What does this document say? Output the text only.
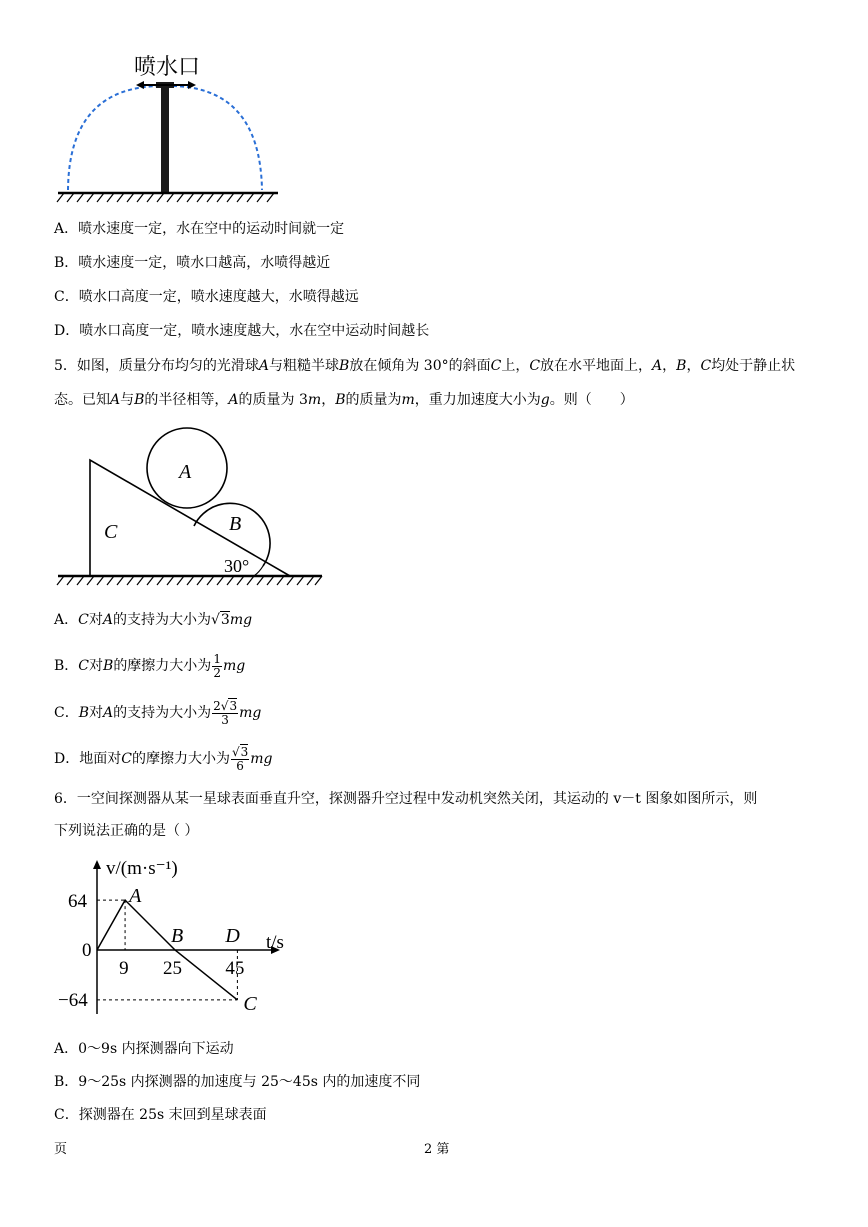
喷水口
A．喷水速度一定，水在空中的运动时间就一定
B．喷水速度一定，喷水口越高，水喷得越近
C．喷水口高度一定，喷水速度越大，水喷得越远
D．喷水口高度一定，喷水速度越大，水在空中运动时间越长
5．如图，质量分布均匀的光滑球A与粗糙半球B放在倾角为 30°的斜面C上，C放在水平地面上，A，B，C均处于静止状态。已知A与B的半径相等，A的质量为 3m，B的质量为m，重力加速度大小为g。则（　　）
A
B
C
30°
A．C对A的支持为大小为√3mg
B．C对B的摩擦力大小为 $\frac{1}{2}$ mg
C．B对A的支持为大小为 $\frac{2√3}{3}$ mg
D．地面对C的摩擦力大小为 $\frac{√3}{6}$ mg
6．一空间探测器从某一星球表面垂直升空，探测器升空过程中发动机突然关闭，其运动的 v－t 图象如图所示，则
下列说法正确的是（ ）
v/(m·s⁻¹)
t/s
9 25 45
64
0
−64
A
B
C
D
A．0～9s 内探测器向下运动
B．9～25s 内探测器的加速度与 25～45s 内的加速度不同
C．探测器在 25s 末回到星球表面
页	2 第
